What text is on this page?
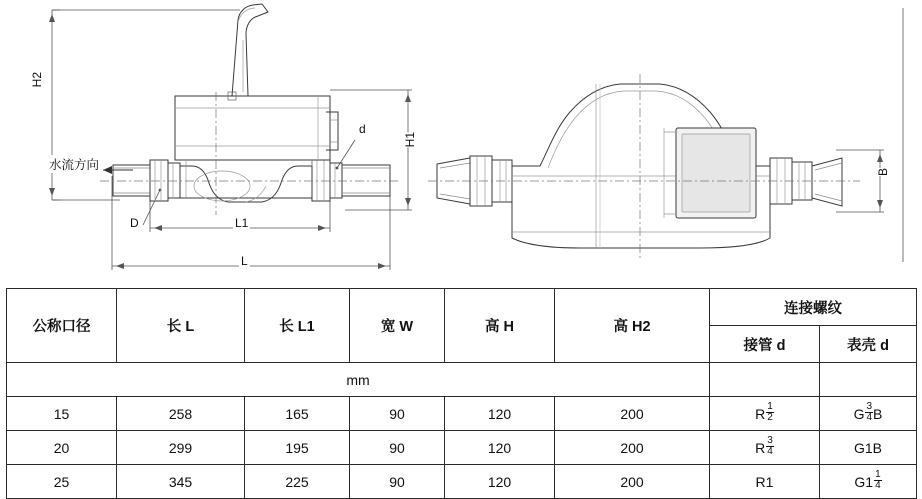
H2
H1
d
D	L1
L
B
水流方向
公称口径	长 L	长 L1	宽 W	高 H	高 H2	连接螺纹	
						接管 d	表壳 d
mm							
15	258	165	90	120	200	R $\frac{1}{2}$	G $\frac{3}{4}$ B
20	299	195	90	120	200	R $\frac{3}{4}$	G1B
25	345	225	90	120	200	R1	$G1 \frac{1}{4}$
